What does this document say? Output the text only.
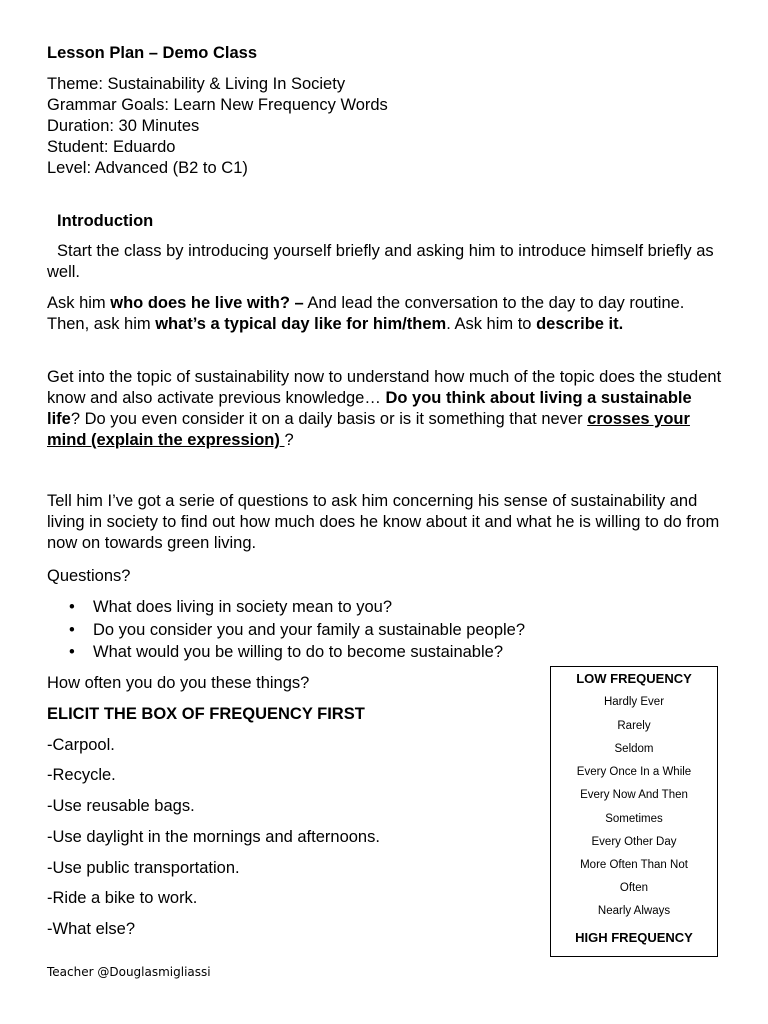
Lesson Plan – Demo Class
Theme: Sustainability & Living In Society
Grammar Goals: Learn New Frequency Words
Duration: 30 Minutes
Student: Eduardo
Level: Advanced (B2 to C1)
Introduction
Start the class by introducing yourself briefly and asking him to introduce himself briefly as well.
Ask him who does he live with? – And lead the conversation to the day to day routine. Then, ask him what’s a typical day like for him/them. Ask him to describe it.
Get into the topic of sustainability now to understand how much of the topic does the student know and also activate previous knowledge… Do you think about living a sustainable life? Do you even consider it on a daily basis or is it something that never crosses your mind (explain the expression) ?
Tell him I’ve got a serie of questions to ask him concerning his sense of sustainability and living in society to find out how much does he know about it and what he is willing to do from now on towards green living.
Questions?
• What does living in society mean to you?
• Do you consider you and your family a sustainable people?
• What would you be willing to do to become sustainable?
How often you do you these things?
ELICIT THE BOX OF FREQUENCY FIRST
-Carpool.
-Recycle.
-Use reusable bags.
-Use daylight in the mornings and afternoons.
-Use public transportation.
-Ride a bike to work.
-What else?
LOW FREQUENCY
Hardly Ever
Rarely
Seldom
Every Once In a While
Every Now And Then
Sometimes
Every Other Day
More Often Than Not
Often
Nearly Always
HIGH FREQUENCY
Teacher @Douglasmigliassi
